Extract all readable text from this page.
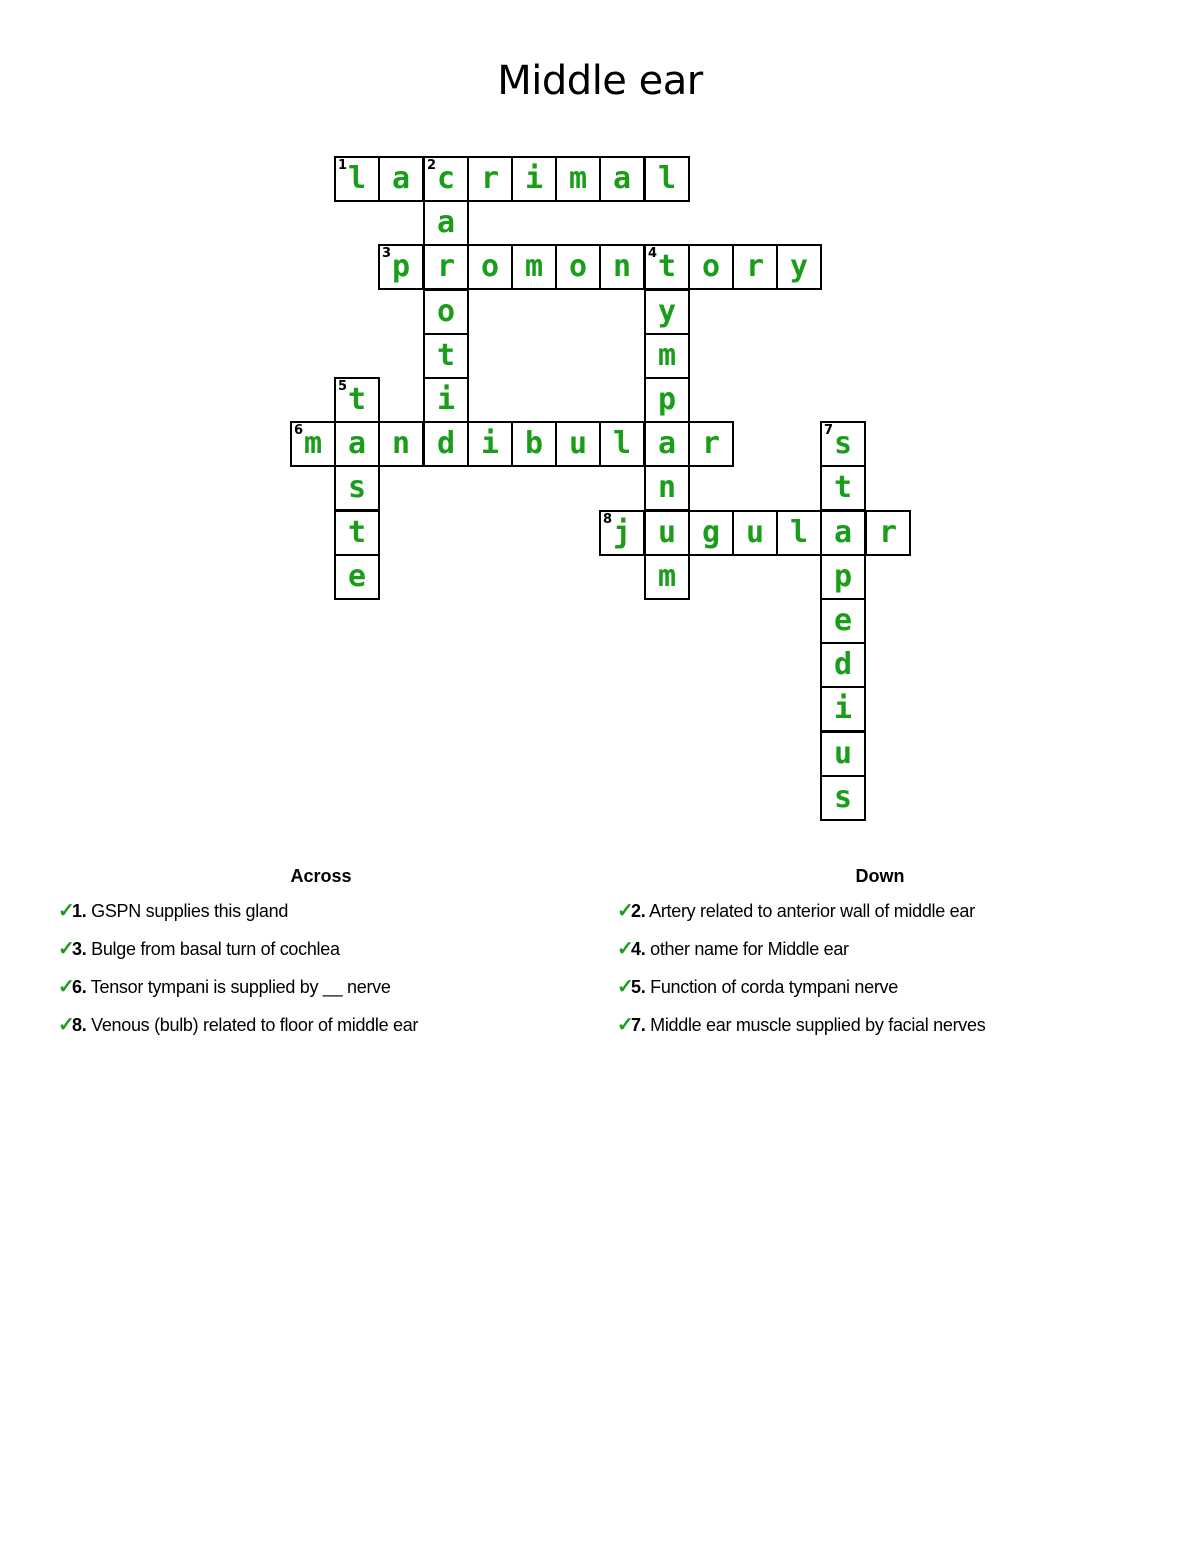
Middle ear
1 l a	2 c r i m a l
a
r
o
t
i
d
3 p	o m o n	4 t o r y
y
m
p
a
n
u
m
5 t
a
s
t
e
6 m	n	i b u l	r	7 s
t
a
p
e
d
i
u
s
8 j	g u l	r
Across	Down
✓1. GSPN supplies this gland
✓3. Bulge from basal turn of cochlea
✓6. Tensor tympani is supplied by __ nerve
✓8. Venous (bulb) related to floor of middle ear
✓2. Artery related to anterior wall of middle ear
✓4. other name for Middle ear
✓5. Function of corda tympani nerve
✓7. Middle ear muscle supplied by facial nerves
